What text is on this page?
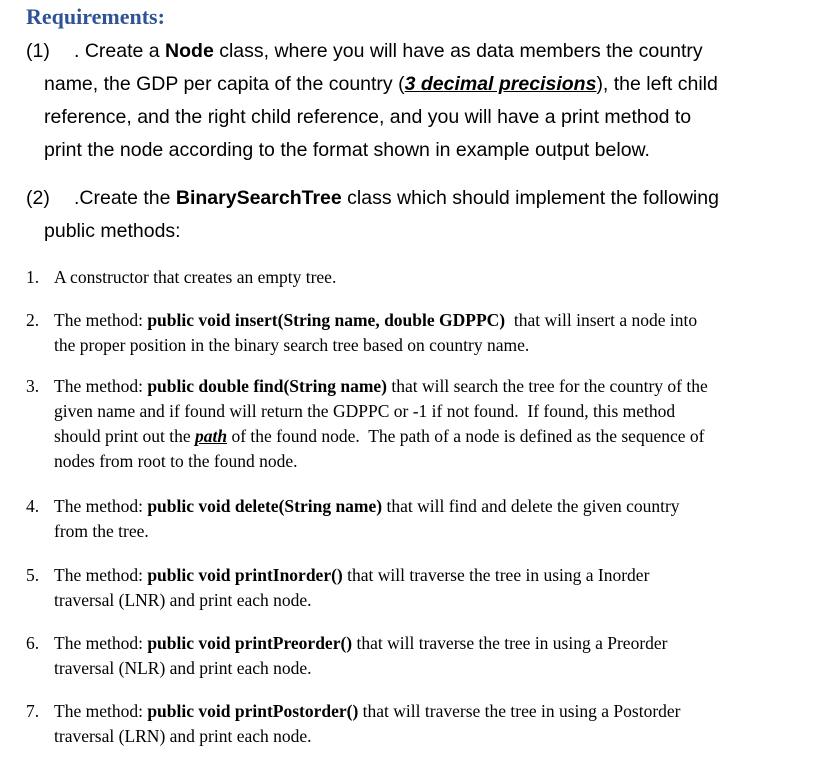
Requirements:
(1) . Create a Node class, where you will have as data members the country
name, the GDP per capita of the country (3 decimal precisions), the left child
reference, and the right child reference, and you will have a print method to
print the node according to the format shown in example output below.
(2) .Create the BinarySearchTree class which should implement the following
public methods:
1. A constructor that creates an empty tree.
2. The method: public void insert(String name, double GDPPC)  that will insert a node into
the proper position in the binary search tree based on country name.
3. The method: public double find(String name) that will search the tree for the country of the
given name and if found will return the GDPPC or -1 if not found.  If found, this method
should print out the path of the found node.  The path of a node is defined as the sequence of
nodes from root to the found node.
4. The method: public void delete(String name) that will find and delete the given country
from the tree.
5. The method: public void printInorder() that will traverse the tree in using a Inorder
traversal (LNR) and print each node.
6. The method: public void printPreorder() that will traverse the tree in using a Preorder
traversal (NLR) and print each node.
7. The method: public void printPostorder() that will traverse the tree in using a Postorder
traversal (LRN) and print each node.
